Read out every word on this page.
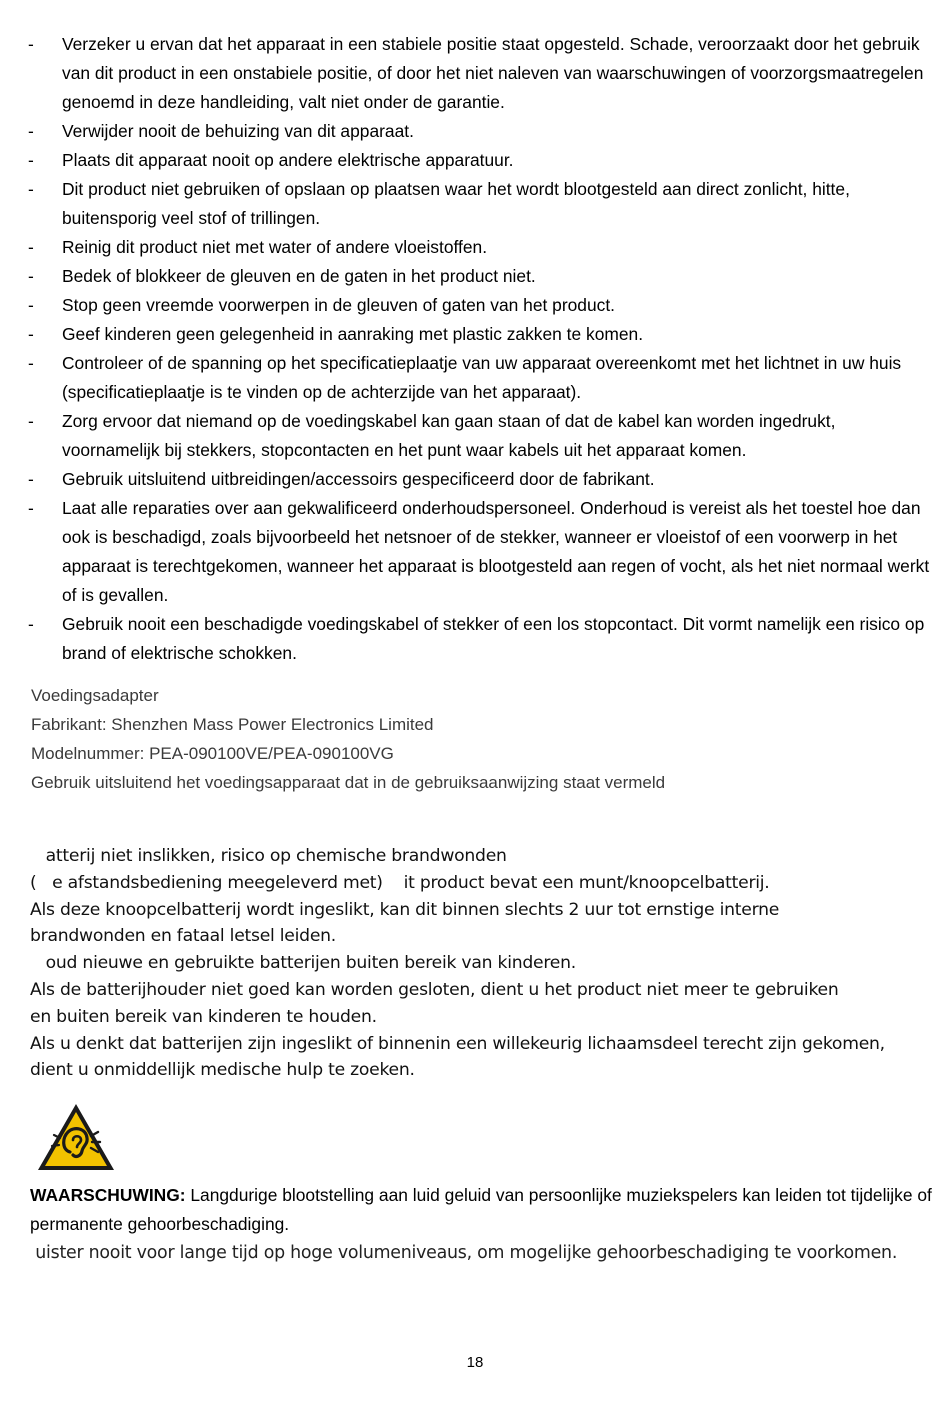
- Verzeker u ervan dat het apparaat in een stabiele positie staat opgesteld. Schade, veroorzaakt door het gebruik van dit product in een onstabiele positie, of door het niet naleven van waarschuwingen of voorzorgsmaatregelen genoemd in deze handleiding, valt niet onder de garantie.
- Verwijder nooit de behuizing van dit apparaat.
- Plaats dit apparaat nooit op andere elektrische apparatuur.
- Dit product niet gebruiken of opslaan op plaatsen waar het wordt blootgesteld aan direct zonlicht, hitte, buitensporig veel stof of trillingen.
- Reinig dit product niet met water of andere vloeistoffen.
- Bedek of blokkeer de gleuven en de gaten in het product niet.
- Stop geen vreemde voorwerpen in de gleuven of gaten van het product.
- Geef kinderen geen gelegenheid in aanraking met plastic zakken te komen.
- Controleer of de spanning op het specificatieplaatje van uw apparaat overeenkomt met het lichtnet in uw huis (specificatieplaatje is te vinden op de achterzijde van het apparaat).
- Zorg ervoor dat niemand op de voedingskabel kan gaan staan of dat de kabel kan worden ingedrukt, voornamelijk bij stekkers, stopcontacten en het punt waar kabels uit het apparaat komen.
- Gebruik uitsluitend uitbreidingen/accessoirs gespecificeerd door de fabrikant.
- Laat alle reparaties over aan gekwalificeerd onderhoudspersoneel. Onderhoud is vereist als het toestel hoe dan ook is beschadigd, zoals bijvoorbeeld het netsnoer of de stekker, wanneer er vloeistof of een voorwerp in het apparaat is terechtgekomen, wanneer het apparaat is blootgesteld aan regen of vocht, als het niet normaal werkt of is gevallen.
- Gebruik nooit een beschadigde voedingskabel of stekker of een los stopcontact. Dit vormt namelijk een risico op brand of elektrische schokken.
Voedingsadapter
Fabrikant: Shenzhen Mass Power Electronics Limited
Modelnummer: PEA-090100VE/PEA-090100VG
Gebruik uitsluitend het voedingsapparaat dat in de gebruiksaanwijzing staat vermeld
atterij niet inslikken, risico op chemische brandwonden
(   e afstandsbediening meegeleverd met)    it product bevat een munt/knoopcelbatterij.
Als deze knoopcelbatterij wordt ingeslikt, kan dit binnen slechts 2 uur tot ernstige interne
brandwonden en fataal letsel leiden.
oud nieuwe en gebruikte batterijen buiten bereik van kinderen.
Als de batterijhouder niet goed kan worden gesloten, dient u het product niet meer te gebruiken
en buiten bereik van kinderen te houden.
Als u denkt dat batterijen zijn ingeslikt of binnenin een willekeurig lichaamsdeel terecht zijn gekomen,
dient u onmiddellijk medische hulp te zoeken.
WAARSCHUWING: Langdurige blootstelling aan luid geluid van persoonlijke muziekspelers kan leiden tot tijdelijke of permanente gehoorbeschadiging.
uister nooit voor lange tijd op hoge volumeniveaus, om mogelijke gehoorbeschadiging te voorkomen.
18
